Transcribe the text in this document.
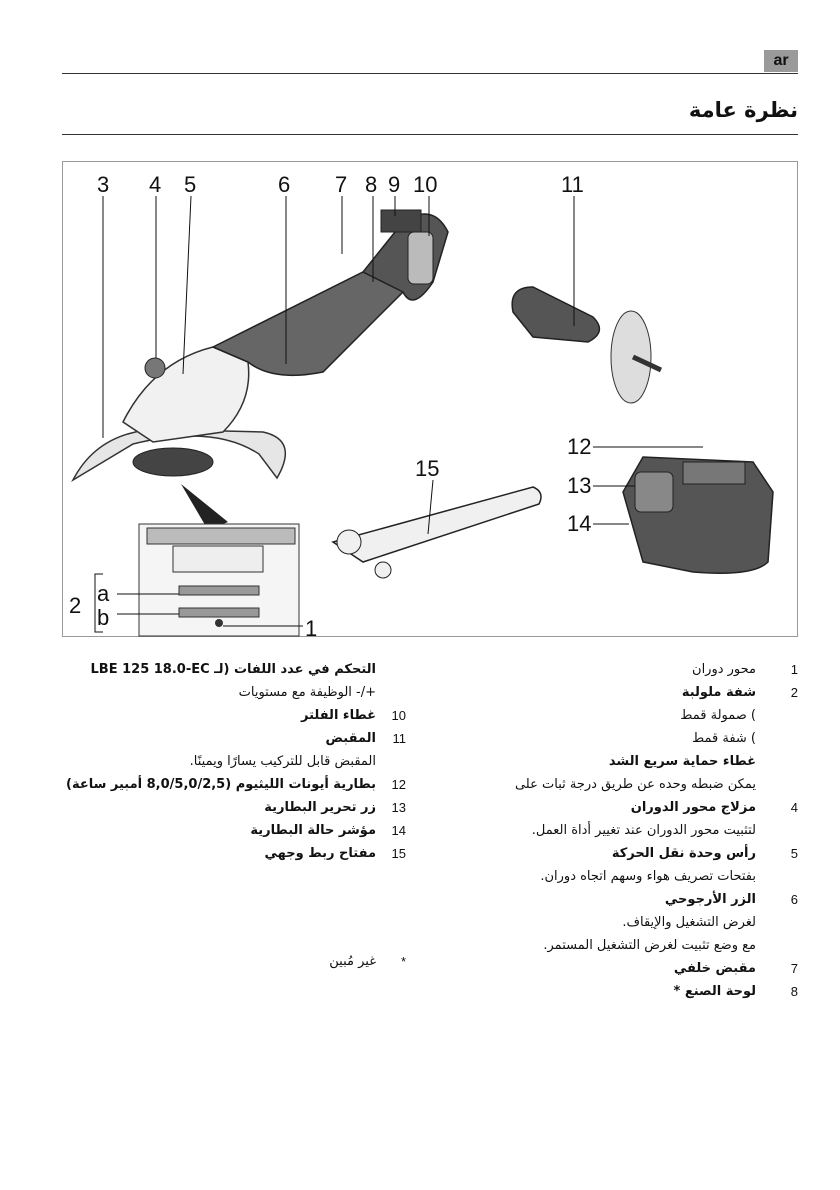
ar
نظرة عامة
3 4 5	6 7 8 9 10	11
12
13
14
15
a
b
2
1
1
محور دوران
2
شفة ملولبة
) صمولة قمط
) شفة قمط
غطاء حماية سريع الشد
يمكن ضبطه وحده عن طريق درجة ثبات على
4
مزلاج محور الدوران
لتثبيت محور الدوران عند تغيير أداة العمل.
5
رأس وحدة نقل الحركة
بفتحات تصريف هواء وسهم اتجاه دوران.
6
الزر الأرجوحي
لغرض التشغيل والإيقاف.
مع وضع تثبيت لغرض التشغيل المستمر.
7
مقبض خلفي
8
لوحة الصنع *
التحكم في عدد اللفات (لـ LBE 125 18.0-EC
+/- الوظيفة مع مستويات
10
غطاء الفلتر
11
المقبض
المقبض قابل للتركيب يسارًا ويمينًا.
12
بطارية أيونات الليثيوم (8,0/5,0/2,5 أمبير ساعة)
13
زر تحرير البطارية
14
مؤشر حالة البطارية
15
مفتاح ربط وجهي
*
غير مُبين
